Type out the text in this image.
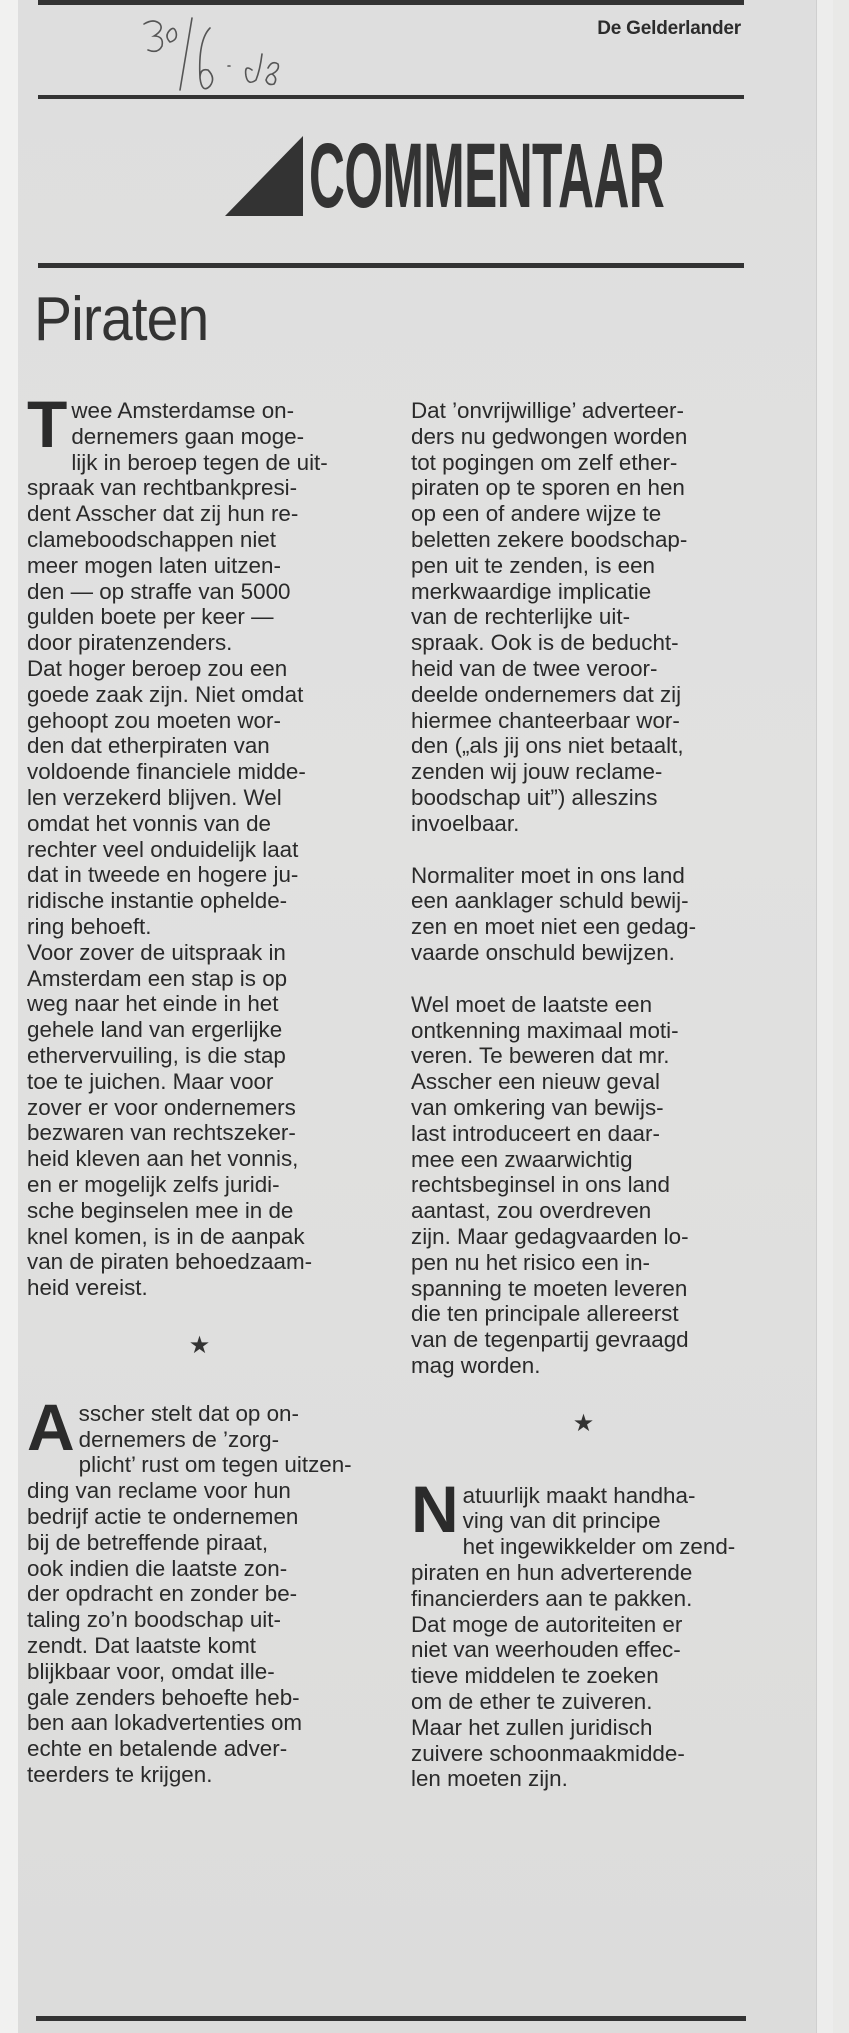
De Gelderlander
COMMENTAAR
Piraten

Twee Amsterdamse on-
dernemers gaan moge-
lijk in beroep tegen de uit-
spraak van rechtbankpresi-
dent Asscher dat zij hun re-
clameboodschappen niet
meer mogen laten uitzen-
den — op straffe van 5000
gulden boete per keer —
door piratenzenders.

Dat hoger beroep zou een
goede zaak zijn. Niet omdat
gehoopt zou moeten wor-
den dat etherpiraten van
voldoende financiele midde-
len verzekerd blijven. Wel
omdat het vonnis van de
rechter veel onduidelijk laat
dat in tweede en hogere ju-
ridische instantie ophelde-
ring behoeft.

Voor zover de uitspraak in
Amsterdam een stap is op
weg naar het einde in het
gehele land van ergerlijke
ethervervuiling, is die stap
toe te juichen. Maar voor
zover er voor ondernemers
bezwaren van rechtszeker-
heid kleven aan het vonnis,
en er mogelijk zelfs juridi-
sche beginselen mee in de
knel komen, is in de aanpak
van de piraten behoedzaam-
heid vereist.

★

Asscher stelt dat op on-
dernemers de ’zorg-
plicht’ rust om tegen uitzen-
ding van reclame voor hun
bedrijf actie te ondernemen
bij de betreffende piraat,
ook indien die laatste zon-
der opdracht en zonder be-
taling zo’n boodschap uit-
zendt. Dat laatste komt
blijkbaar voor, omdat ille-
gale zenders behoefte heb-
ben aan lokadvertenties om
echte en betalende adver-
teerders te krijgen.

Dat ’onvrijwillige’ adverteer-
ders nu gedwongen worden
tot pogingen om zelf ether-
piraten op te sporen en hen
op een of andere wijze te
beletten zekere boodschap-
pen uit te zenden, is een
merkwaardige implicatie
van de rechterlijke uit-
spraak. Ook is de beducht-
heid van de twee veroor-
deelde ondernemers dat zij
hiermee chanteerbaar wor-
den („als jij ons niet betaalt,
zenden wij jouw reclame-
boodschap uit”) alleszins
invoelbaar.

Normaliter moet in ons land
een aanklager schuld bewij-
zen en moet niet een gedag-
vaarde onschuld bewijzen.

Wel moet de laatste een
ontkenning maximaal moti-
veren. Te beweren dat mr.
Asscher een nieuw geval
van omkering van bewijs-
last introduceert en daar-
mee een zwaarwichtig
rechtsbeginsel in ons land
aantast, zou overdreven
zijn. Maar gedagvaarden lo-
pen nu het risico een in-
spanning te moeten leveren
die ten principale allereerst
van de tegenpartij gevraagd
mag worden.

★

Natuurlijk maakt handha-
ving van dit principe
het ingewikkelder om zend-
piraten en hun adverterende
financierders aan te pakken.
Dat moge de autoriteiten er
niet van weerhouden effec-
tieve middelen te zoeken
om de ether te zuiveren.
Maar het zullen juridisch
zuivere schoonmaakmidde-
len moeten zijn.
